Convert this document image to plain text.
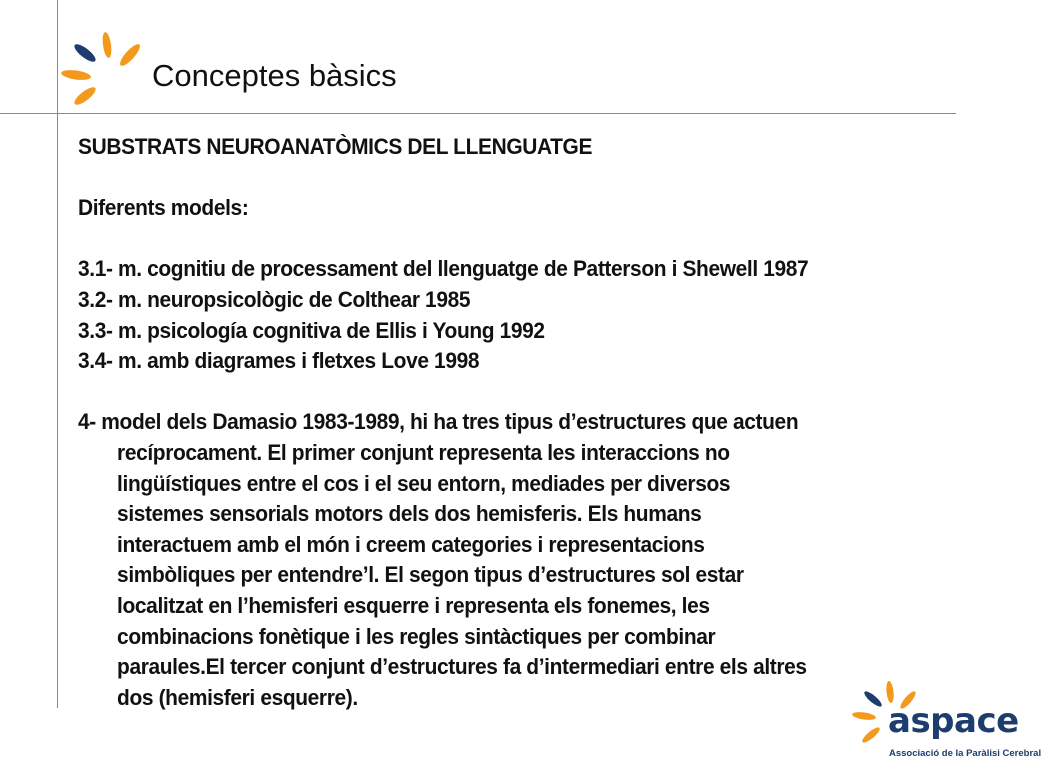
Conceptes bàsics

SUBSTRATS NEUROANATÒMICS DEL LLENGUATGE

Diferents models:

3.1- m. cognitiu de processament del llenguatge de Patterson i Shewell 1987

3.2- m. neuropsicològic de Colthear 1985

3.3- m. psicología cognitiva de Ellis i Young 1992

3.4- m. amb diagrames i fletxes Love 1998

4- model dels Damasio 1983-1989, hi ha tres tipus d’estructures que actuen

recíprocament. El primer conjunt representa les interaccions no

lingüístiques entre el cos i el seu entorn, mediades per diversos

sistemes sensorials motors dels dos hemisferis. Els humans

interactuem amb el món i creem categories i representacions

simbòliques per entendre’l. El segon tipus d’estructures sol estar

localitzat en l’hemisferi esquerre i representa els fonemes, les

combinacions fonètique i les regles sintàctiques per combinar

paraules.El tercer conjunt d’estructures fa d’intermediari entre els altres

dos (hemisferi esquerre).

aspace
Associació de la Paràlisi Cerebral
